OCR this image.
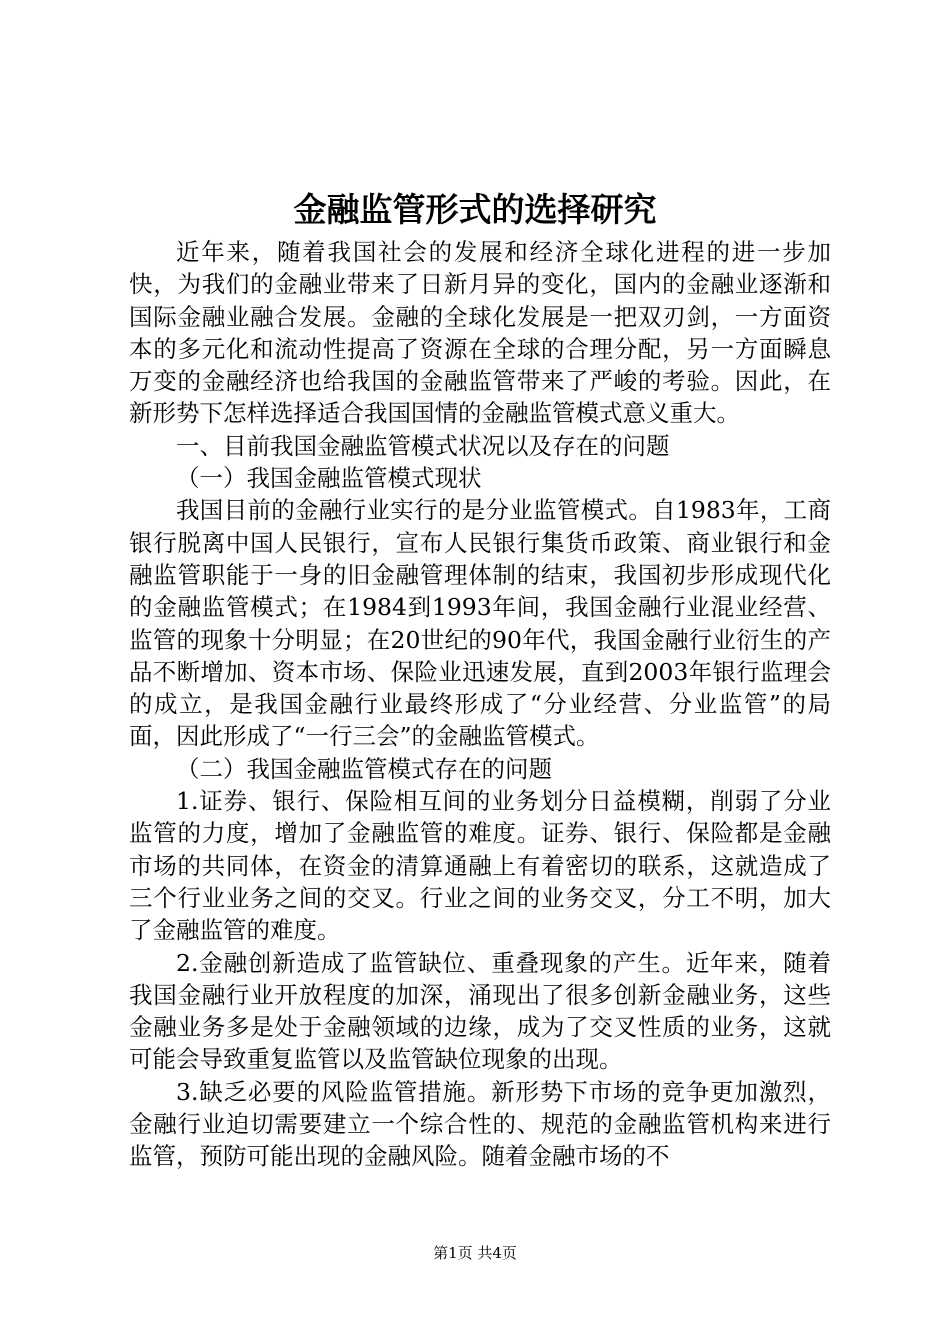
金融监管形式的选择研究

近年来，随着我国社会的发展和经济全球化进程的进一步加快，为我们的金融业带来了日新月异的变化，国内的金融业逐渐和国际金融业融合发展。金融的全球化发展是一把双刃剑，一方面资本的多元化和流动性提高了资源在全球的合理分配，另一方面瞬息万变的金融经济也给我国的金融监管带来了严峻的考验。因此，在新形势下怎样选择适合我国国情的金融监管模式意义重大。

一、目前我国金融监管模式状况以及存在的问题

（一）我国金融监管模式现状

我国目前的金融行业实行的是分业监管模式。自1983年，工商银行脱离中国人民银行，宣布人民银行集货币政策、商业银行和金融监管职能于一身的旧金融管理体制的结束，我国初步形成现代化的金融监管模式；在1984到1993年间，我国金融行业混业经营、监管的现象十分明显；在20世纪的90年代，我国金融行业衍生的产品不断增加、资本市场、保险业迅速发展，直到2003年银行监理会的成立，是我国金融行业最终形成了“分业经营、分业监管”的局面，因此形成了“一行三会”的金融监管模式。

（二）我国金融监管模式存在的问题

1.证券、银行、保险相互间的业务划分日益模糊，削弱了分业监管的力度，增加了金融监管的难度。证券、银行、保险都是金融市场的共同体，在资金的清算通融上有着密切的联系，这就造成了三个行业业务之间的交叉。行业之间的业务交叉，分工不明，加大了金融监管的难度。

2.金融创新造成了监管缺位、重叠现象的产生。近年来，随着我国金融行业开放程度的加深，涌现出了很多创新金融业务，这些金融业务多是处于金融领域的边缘，成为了交叉性质的业务，这就可能会导致重复监管以及监管缺位现象的出现。

3.缺乏必要的风险监管措施。新形势下市场的竞争更加激烈，金融行业迫切需要建立一个综合性的、规范的金融监管机构来进行监管，预防可能出现的金融风险。随着金融市场的不

第1页 共4页
